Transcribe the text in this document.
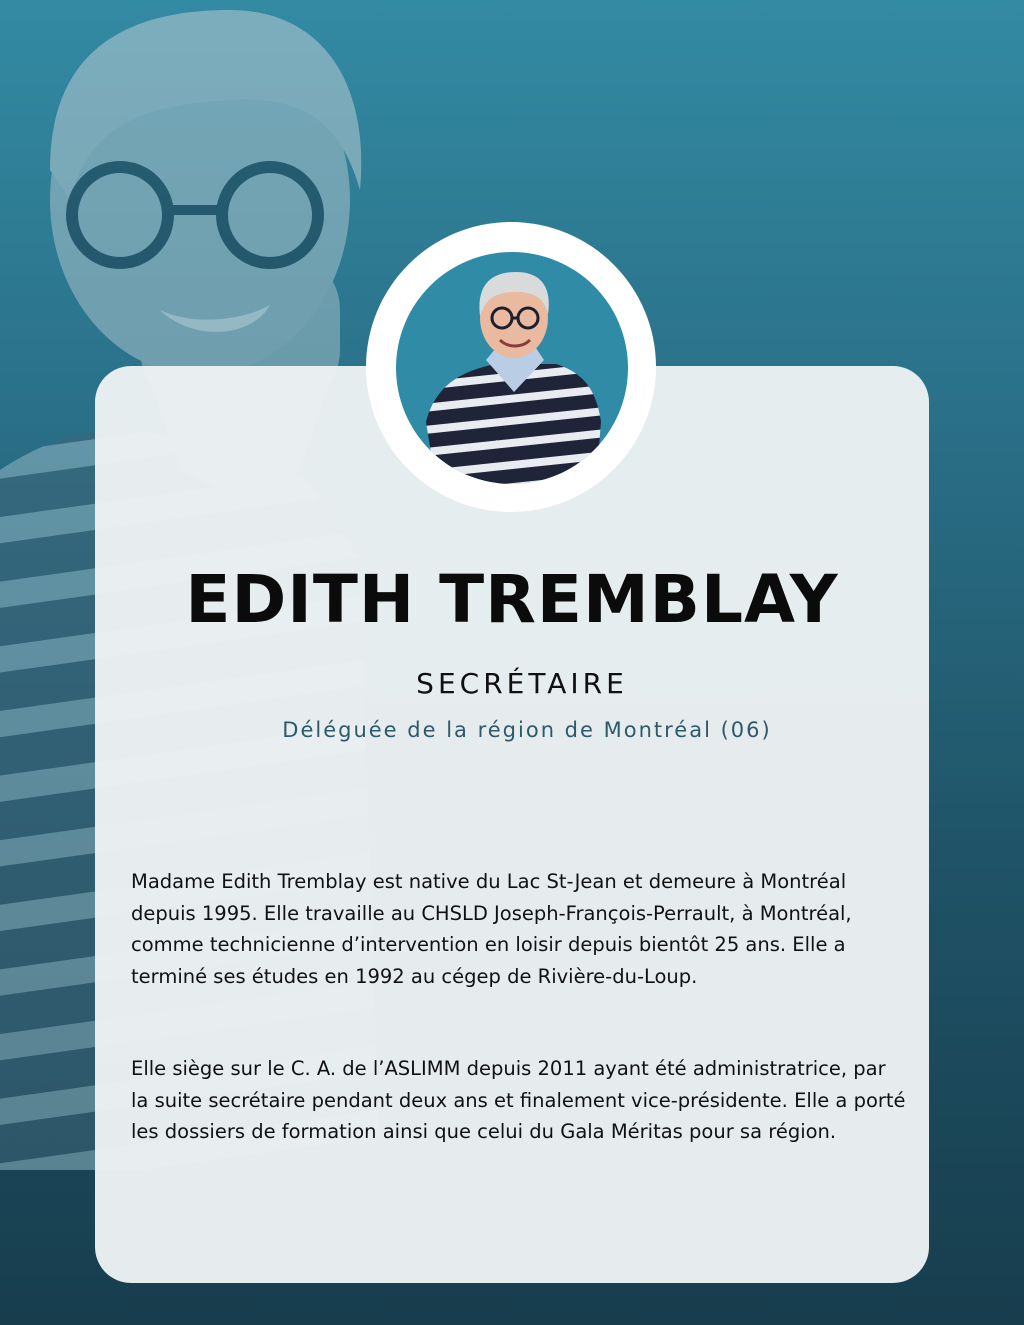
EDITH TREMBLAY
SECRÉTAIRE
Déléguée de la région de Montréal (06)

Madame Edith Tremblay est native du Lac St-Jean et demeure à Montréal depuis 1995. Elle travaille au CHSLD Joseph-François-Perrault, à Montréal, comme technicienne d’intervention en loisir depuis bientôt 25 ans. Elle a terminé ses études en 1992 au cégep de Rivière-du-Loup.

Elle siège sur le C. A. de l’ASLIMM depuis 2011 ayant été administratrice, par la suite secrétaire pendant deux ans et finalement vice-présidente. Elle a porté les dossiers de formation ainsi que celui du Gala Méritas pour sa région.
